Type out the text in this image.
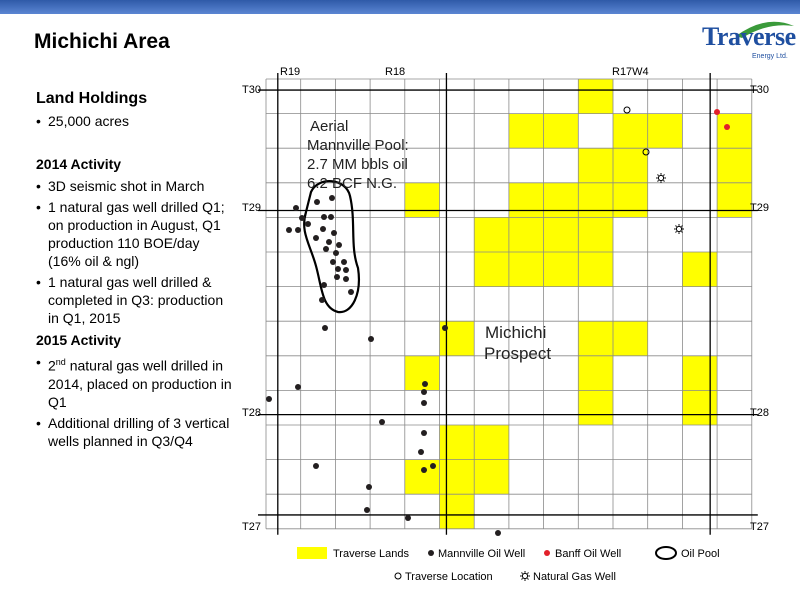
Michichi Area	Traverse
Energy Ltd.
Land Holdings
• 25,000 acres
2014 Activity
• 3D seismic shot in March
• 1 natural gas well drilled Q1; on production in August, Q1 production 110 BOE/day (16% oil & ngl)
• 1 natural gas well drilled & completed in Q3: production in Q1, 2015
2015 Activity
• 2nd natural gas well drilled in 2014, placed on production in Q1
• Additional drilling of 3 vertical wells planned in Q3/Q4
R19	R18	R17W4
T30
T29
T28
T27
T30
T29
T28
T27
Aerial
Mannville Pool:
2.7 MM bbls oil
6.2 BCF N.G.
Michichi
Prospect
Traverse Lands	Mannville Oil Well	Banff Oil Well	Oil Pool
Traverse Location	Natural Gas Well
